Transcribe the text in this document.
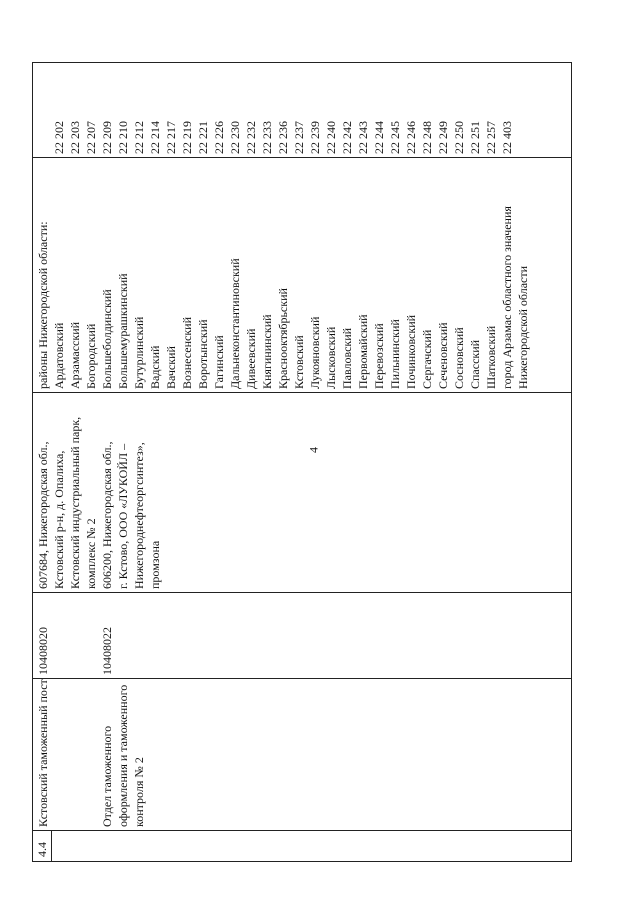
4
4.4
Кстовский таможенный пост	Отдел таможенного оформления и таможенного контроля № 2
10408020	10408022
607684, Нижегородская обл., Кстовский р-н, д. Опалиха, Кстовский индустриальный парк, комплекс № 2 606200, Нижегородская обл., г. Кстово, ООО «ЛУКОЙЛ – Нижегороднефтеоргсинтез», промзона
районы Нижегородской области: Ардатовский Арзамасский Богородский Большеболдинский Большемурашкинский Бутурлинский Вадский Вачский Вознесенский Воротынский Гагинский Дальнеконстантиновский Дивеевский Княгининский Краснооктябрьский Кстовский Лукояновский Лысковский Павловский Первомайский Перевозский Пильнинский Починковский Сергачский Сеченовский Сосновский Спасский Шатковский город Арзамас областного значения Нижегородской области
22 202 22 203 22 207 22 209 22 210 22 212 22 214 22 217 22 219 22 221 22 226 22 230 22 232 22 233 22 236 22 237 22 239 22 240 22 242 22 243 22 244 22 245 22 246 22 248 22 249 22 250 22 251 22 257 22 403
